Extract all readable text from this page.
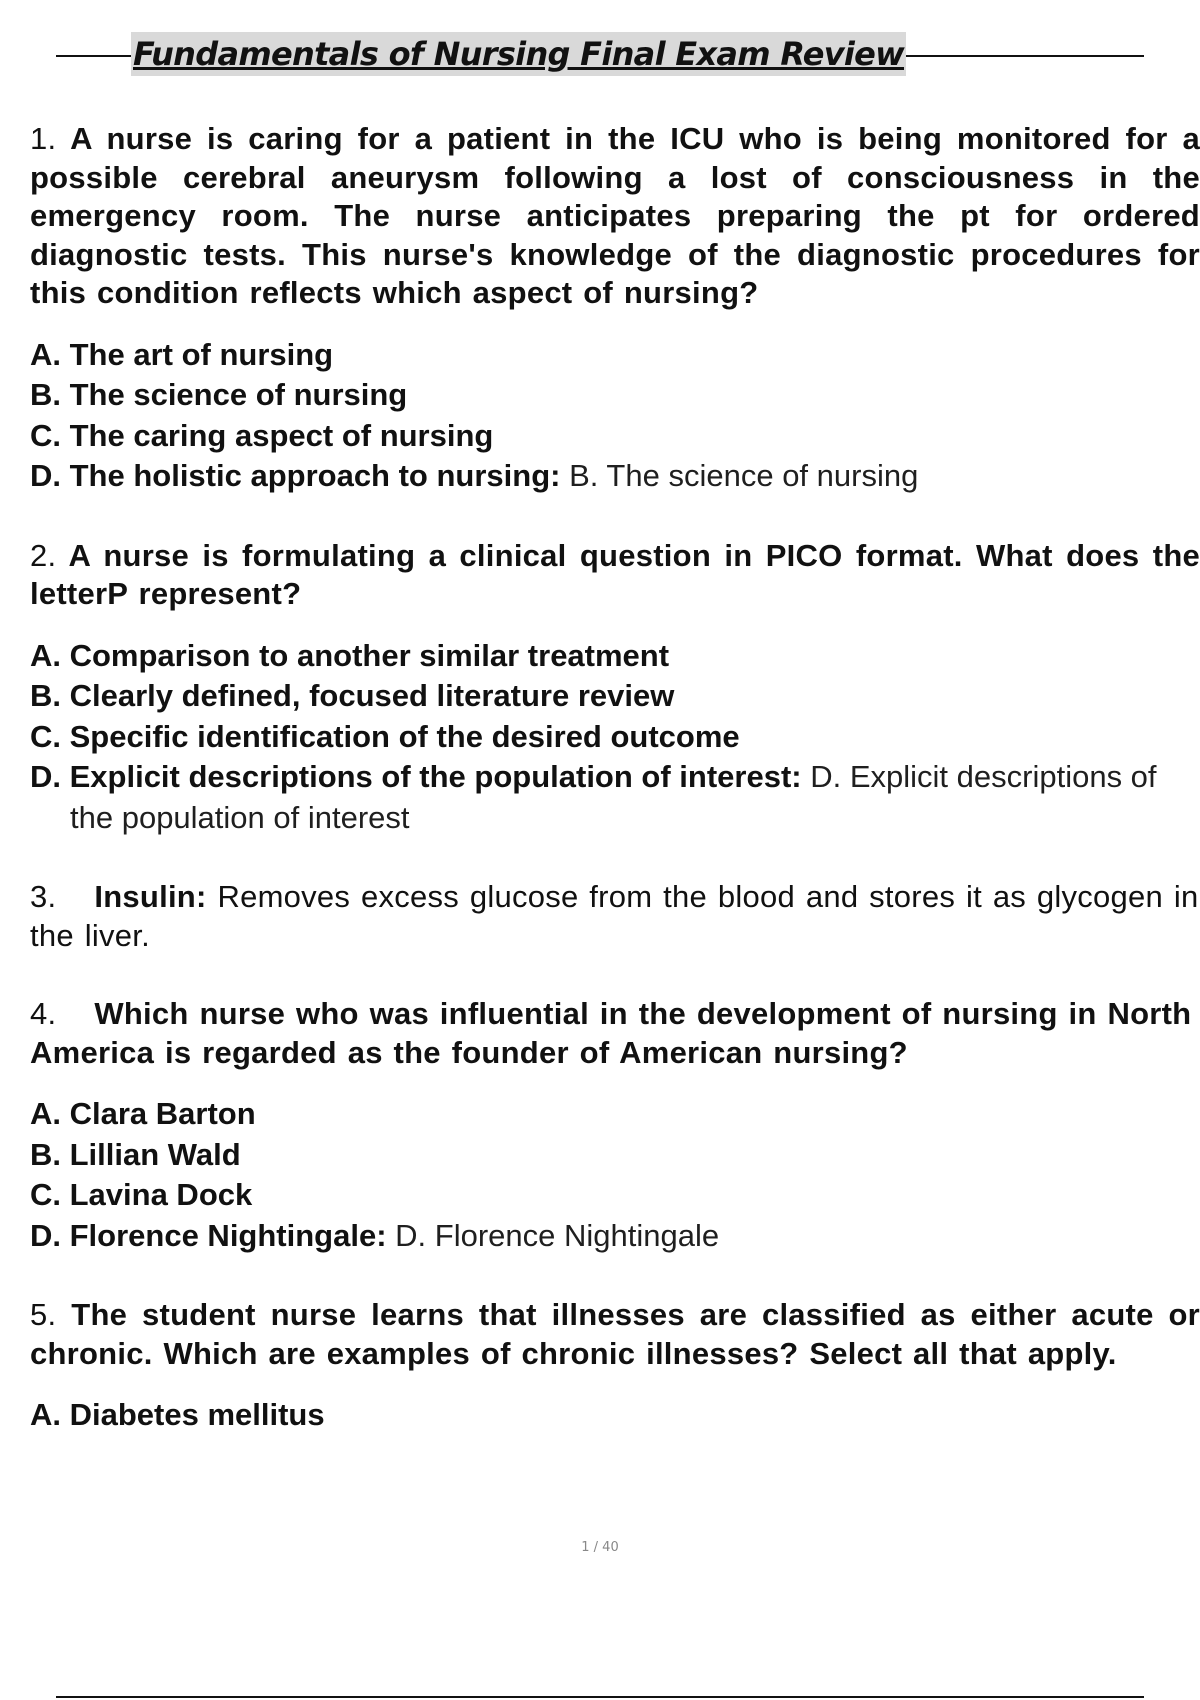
Fundamentals of Nursing Final Exam Review

1. A nurse is caring for a patient in the ICU who is being monitored for a possible cerebral aneurysm following a lost of consciousness in the emergency room. The nurse anticipates preparing the pt for ordered diagnostic tests. This nurse's knowledge of the diagnostic procedures for this condition reflects which aspect of nursing?

A. The art of nursing
B. The science of nursing
C. The caring aspect of nursing
D. The holistic approach to nursing: B. The science of nursing

2. A nurse is formulating a clinical question in PICO format. What does the letterP represent?

A. Comparison to another similar treatment
B. Clearly defined, focused literature review
C. Specific identification of the desired outcome
D. Explicit descriptions of the population of interest: D. Explicit descriptions of the population of interest

3. Insulin: Removes excess glucose from the blood and stores it as glycogen in the liver.

4. Which nurse who was influential in the development of nursing in North America is regarded as the founder of American nursing?

A. Clara Barton
B. Lillian Wald
C. Lavina Dock
D. Florence Nightingale: D. Florence Nightingale

5. The student nurse learns that illnesses are classified as either acute or chronic. Which are examples of chronic illnesses? Select all that apply.

A. Diabetes mellitus
1 / 40
